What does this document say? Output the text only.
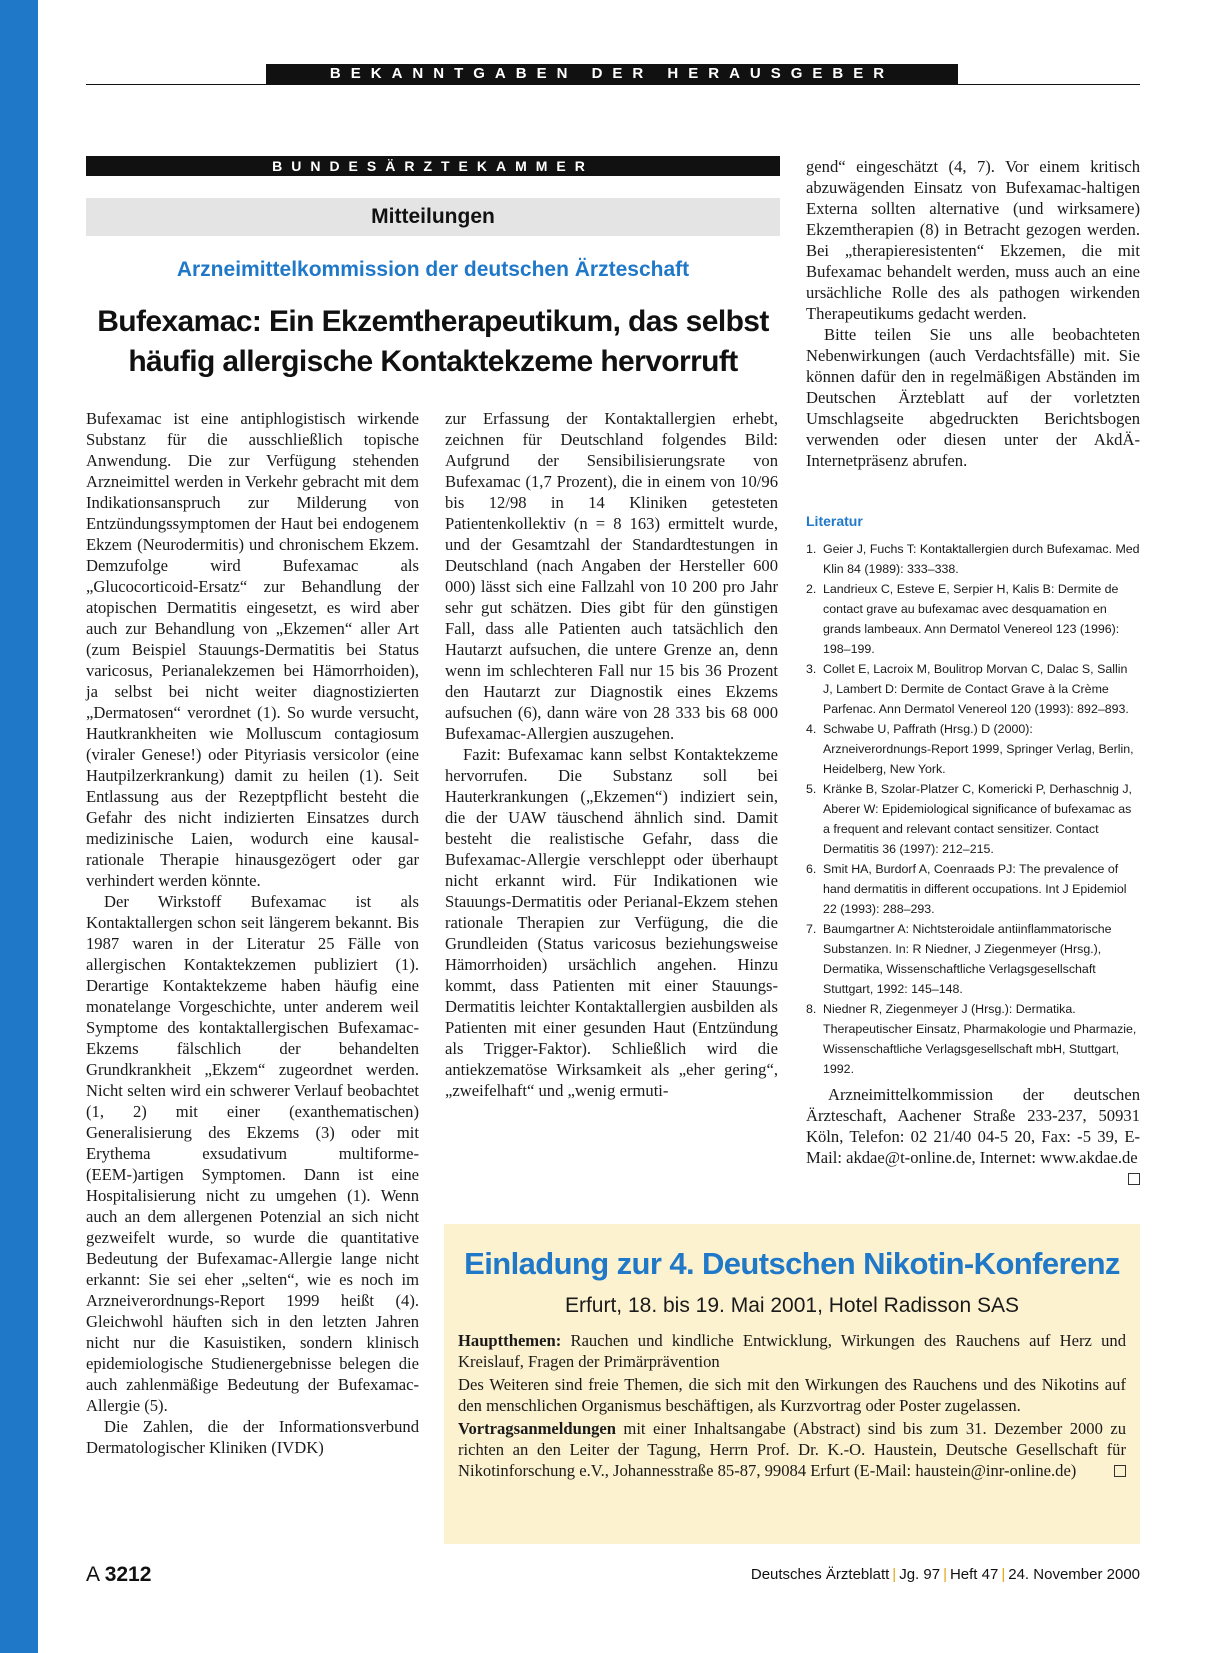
BEKANNTGABEN DER HERAUSGEBER
BUNDESÄRZTEKAMMER
Mitteilungen
Arzneimittelkommission der deutschen Ärzteschaft
Bufexamac: Ein Ekzemtherapeutikum, das selbst
häufig allergische Kontaktekzeme hervorruft

Bufexamac ist eine antiphlogistisch wirkende Substanz für die ausschließlich topische Anwendung. Die zur Verfügung stehenden Arzneimittel werden in Verkehr gebracht mit dem Indikationsanspruch zur Milderung von Entzündungssymptomen der Haut bei endogenem Ekzem (Neurodermitis) und chronischem Ekzem. Demzufolge wird Bufexamac als „Glucocorticoid-Ersatz“ zur Behandlung der atopischen Dermatitis eingesetzt, es wird aber auch zur Behandlung von „Ekzemen“ aller Art (zum Beispiel Stauungs-Dermatitis bei Status varicosus, Perianalekzemen bei Hämorrhoiden), ja selbst bei nicht weiter diagnostizierten „Dermatosen“ verordnet (1). So wurde versucht, Hautkrankheiten wie Molluscum contagiosum (viraler Genese!) oder Pityriasis versicolor (eine Hautpilzerkrankung) damit zu heilen (1). Seit Entlassung aus der Rezeptpflicht besteht die Gefahr des nicht indizierten Einsatzes durch medizinische Laien, wodurch eine kausal-rationale Therapie hinausgezögert oder gar verhindert werden könnte.

Der Wirkstoff Bufexamac ist als Kontaktallergen schon seit längerem bekannt. Bis 1987 waren in der Literatur 25 Fälle von allergischen Kontaktekzemen publiziert (1). Derartige Kontaktekzeme haben häufig eine monatelange Vorgeschichte, unter anderem weil Symptome des kontaktallergischen Bufexamac-Ekzems fälschlich der behandelten Grundkrankheit „Ekzem“ zugeordnet werden. Nicht selten wird ein schwerer Verlauf beobachtet (1, 2) mit einer (exanthematischen) Generalisierung des Ekzems (3) oder mit Erythema exsudativum multiforme-(EEM-)artigen Symptomen. Dann ist eine Hospitalisierung nicht zu umgehen (1). Wenn auch an dem allergenen Potenzial an sich nicht gezweifelt wurde, so wurde die quantitative Bedeutung der Bufexamac-Allergie lange nicht erkannt: Sie sei eher „selten“, wie es noch im Arzneiverordnungs-Report 1999 heißt (4). Gleichwohl häuften sich in den letzten Jahren nicht nur die Kasuistiken, sondern klinisch epidemiologische Studienergebnisse belegen die auch zahlenmäßige Bedeutung der Bufexamac-Allergie (5).

Die Zahlen, die der Informationsverbund Dermatologischer Kliniken (IVDK)

zur Erfassung der Kontaktallergien erhebt, zeichnen für Deutschland folgendes Bild: Aufgrund der Sensibilisierungsrate von Bufexamac (1,7 Prozent), die in einem von 10/96 bis 12/98 in 14 Kliniken getesteten Patientenkollektiv (n = 8 163) ermittelt wurde, und der Gesamtzahl der Standardtestungen in Deutschland (nach Angaben der Hersteller 600 000) lässt sich eine Fallzahl von 10 200 pro Jahr sehr gut schätzen. Dies gibt für den günstigen Fall, dass alle Patienten auch tatsächlich den Hautarzt aufsuchen, die untere Grenze an, denn wenn im schlechteren Fall nur 15 bis 36 Prozent den Hautarzt zur Diagnostik eines Ekzems aufsuchen (6), dann wäre von 28 333 bis 68 000 Bufexamac-Allergien auszugehen.

Fazit: Bufexamac kann selbst Kontaktekzeme hervorrufen. Die Substanz soll bei Hauterkrankungen („Ekzemen“) indiziert sein, die der UAW täuschend ähnlich sind. Damit besteht die realistische Gefahr, dass die Bufexamac-Allergie verschleppt oder überhaupt nicht erkannt wird. Für Indikationen wie Stauungs-Dermatitis oder Perianal-Ekzem stehen rationale Therapien zur Verfügung, die die Grundleiden (Status varicosus beziehungsweise Hämorrhoiden) ursächlich angehen. Hinzu kommt, dass Patienten mit einer Stauungs-Dermatitis leichter Kontaktallergien ausbilden als Patienten mit einer gesunden Haut (Entzündung als Trigger-Faktor). Schließlich wird die antiekzematöse Wirksamkeit als „eher gering“, „zweifelhaft“ und „wenig ermuti-

gend“ eingeschätzt (4, 7). Vor einem kritisch abzuwägenden Einsatz von Bufexamac-haltigen Externa sollten alternative (und wirksamere) Ekzemtherapien (8) in Betracht gezogen werden. Bei „therapieresistenten“ Ekzemen, die mit Bufexamac behandelt werden, muss auch an eine ursächliche Rolle des als pathogen wirkenden Therapeutikums gedacht werden.

Bitte teilen Sie uns alle beobachteten Nebenwirkungen (auch Verdachtsfälle) mit. Sie können dafür den in regelmäßigen Abständen im Deutschen Ärzteblatt auf der vorletzten Umschlagseite abgedruckten Berichtsbogen verwenden oder diesen unter der AkdÄ-Internetpräsenz abrufen.

Literatur
1. Geier J, Fuchs T: Kontaktallergien durch Bufexamac. Med Klin 84 (1989): 333–338.
2. Landrieux C, Esteve E, Serpier H, Kalis B: Dermite de contact grave au bufexamac avec desquamation en grands lambeaux. Ann Dermatol Venereol 123 (1996): 198–199.
3. Collet E, Lacroix M, Boulitrop Morvan C, Dalac S, Sallin J, Lambert D: Dermite de Contact Grave à la Crème Parfenac. Ann Dermatol Venereol 120 (1993): 892–893.
4. Schwabe U, Paffrath (Hrsg.) D (2000): Arzneiverordnungs-Report 1999, Springer Verlag, Berlin, Heidelberg, New York.
5. Kränke B, Szolar-Platzer C, Komericki P, Derhaschnig J, Aberer W: Epidemiological significance of bufexamac as a frequent and relevant contact sensitizer. Contact Dermatitis 36 (1997): 212–215.
6. Smit HA, Burdorf A, Coenraads PJ: The prevalence of hand dermatitis in different occupations. Int J Epidemiol 22 (1993): 288–293.
7. Baumgartner A: Nichtsteroidale antiinflammatorische Substanzen. In: R Niedner, J Ziegenmeyer (Hrsg.), Dermatika, Wissenschaftliche Verlagsgesellschaft Stuttgart, 1992: 145–148.
8. Niedner R, Ziegenmeyer J (Hrsg.): Dermatika. Therapeutischer Einsatz, Pharmakologie und Pharmazie, Wissenschaftliche Verlagsgesellschaft mbH, Stuttgart, 1992.
Arzneimittelkommission der deutschen Ärzteschaft, Aachener Straße 233-237, 50931 Köln, Telefon: 02 21/40 04-5 20, Fax: -5 39, E-Mail: akdae@t-online.de, Internet: www.akdae.de
Einladung zur 4. Deutschen Nikotin-Konferenz
Erfurt, 18. bis 19. Mai 2001, Hotel Radisson SAS

Hauptthemen: Rauchen und kindliche Entwicklung, Wirkungen des Rauchens auf Herz und Kreislauf, Fragen der Primärprävention

Des Weiteren sind freie Themen, die sich mit den Wirkungen des Rauchens und des Nikotins auf den menschlichen Organismus beschäftigen, als Kurzvortrag oder Poster zugelassen.

Vortragsanmeldungen mit einer Inhaltsangabe (Abstract) sind bis zum 31. Dezember 2000 zu richten an den Leiter der Tagung, Herrn Prof. Dr. K.-O. Haustein, Deutsche Gesellschaft für Nikotinforschung e.V., Johannesstraße 85-87, 99084 Erfurt (E-Mail: haustein@inr-online.de)

A 3212	Deutsches Ärzteblatt | Jg. 97 | Heft 47 | 24. November 2000
